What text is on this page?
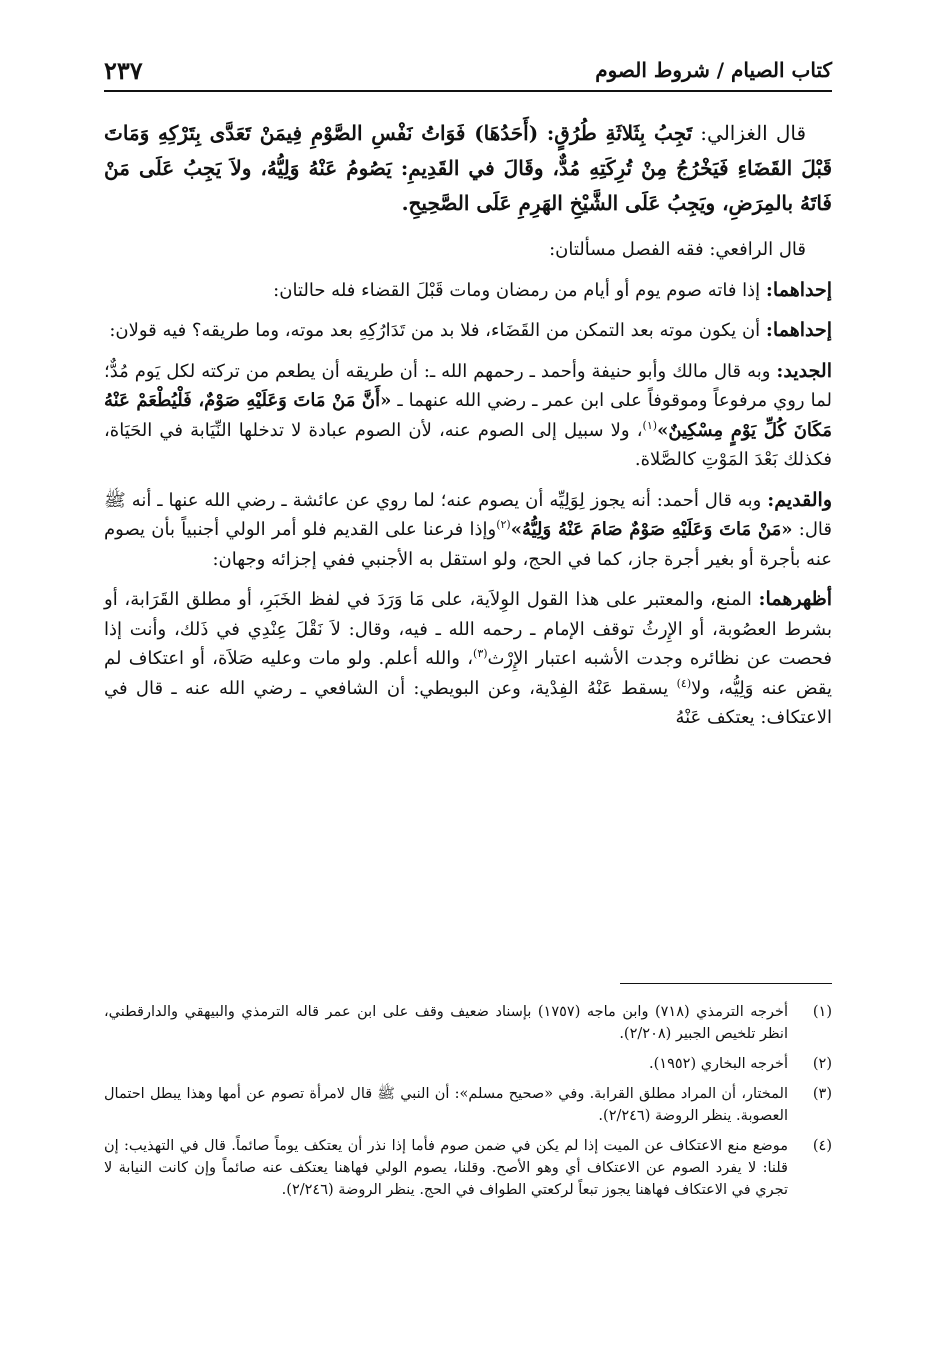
كتاب الصيام / شروط الصوم
٢٣٧

قال الغزالي: تَجِبُ بِثَلاثَةِ طُرُقٍ: (أَحَدُهَا) فَوَاتُ نَفْسِ الصَّوْمِ فِيمَنْ تَعَدَّى بِتَرْكِهِ وَمَاتَ قَبْلَ القَضَاءِ فَيَخْرُجُ مِنْ تُرِكَتِهِ مُدٌّ، وقَالَ في القَدِيمِ: يَصُومُ عَنْهُ وَلِيُّهُ، ولاَ يَجِبُ عَلَى مَنْ فَاتَهُ بالمِرَضِ، ويَجِبُ عَلَى الشَّيْخِ الهَرِمِ عَلَى الصَّحِيحِ.

قال الرافعي: فقه الفصل مسألتان:

إحداهما: إذا فاته صوم يوم أو أيام من رمضان ومات قَبْلَ القضاء فله حالتان:

إحداهما: أن يكون موته بعد التمكن من القَضَاء، فلا بد من تَدَارُكِهِ بعد موته، وما طريقه؟ فيه قولان:

الجديد: وبه قال مالك وأبو حنيفة وأحمد ـ رحمهم الله ـ: أن طريقه أن يطعم من تركته لكل يَوم مُدٌّ؛ لما روي مرفوعاً وموقوفاً على ابن عمر ـ رضي الله عنهما ـ «أَنَّ مَنْ مَاتَ وَعَلَيْهِ صَوْمٌ، فَلْيُطْعَمْ عَنْهُ مَكَانَ كُلِّ يَوْمٍ مِسْكِينٌ»$^{(١)}$، ولا سبيل إلى الصوم عنه، لأن الصوم عبادة لا تدخلها النِّيَابة في الحَيَاة، فكذلك بَعْدَ المَوْتِ كالصَّلاة.

والقديم: وبه قال أحمد: أنه يجوز لِوَلِيِّه أن يصوم عنه؛ لما روي عن عائشة ـ رضي الله عنها ـ أنه ﷺ قال: «مَنْ مَاتَ وَعَلَيْهِ صَوْمٌ صَامَ عَنْهُ وَلِيُّهُ»$^{(٢)}$وإذا فرعنا على القديم فلو أمر الولي أجنبياً بأن يصوم عنه بأجرة أو بغير أجرة جاز، كما في الحج، ولو استقل به الأجنبي ففي إجزائه وجهان:

أظهرهما: المنع، والمعتبر على هذا القول الوِلاَية، على مَا وَرَدَ في لفظ الخَبَرِ، أو مطلق القَرَابة، أو بشرط العصُوبة، أو الإِرثُ توقف الإمام ـ رحمه الله ـ فيه، وقال: لاَ نَقْلَ عِنْدِي في ذَلك، وأنت إذا فحصت عن نظائره وجدت الأشبه اعتبار الإِرْث$^{(٣)}$، والله أعلم. ولو مات وعليه صَلاَة، أو اعتكاف لم يقض عنه وَلِيُّه، ولا$^{(٤)}$ يسقط عَنْهُ الفِدْية، وعن البويطي: أن الشافعي ـ رضي الله عنه ـ قال في الاعتكاف: يعتكف عَنْهُ

(١)
أخرجه الترمذي (٧١٨) وابن ماجه (١٧٥٧) بإسناد ضعيف وقف على ابن عمر قاله الترمذي والبيهقي والدارقطني، انظر تلخيص الجبير (٢/٢٠٨).
(٢)
أخرجه البخاري (١٩٥٢).
(٣)
المختار، أن المراد مطلق القرابة. وفي «صحيح مسلم»: أن النبي ﷺ قال لامرأة تصوم عن أمها وهذا يبطل احتمال العصوبة. ينظر الروضة (٢/٢٤٦).
(٤)
موضع منع الاعتكاف عن الميت إذا لم يكن في ضمن صوم فأما إذا نذر أن يعتكف يوماً صائماً. قال في التهذيب: إن قلنا: لا يفرد الصوم عن الاعتكاف أي وهو الأصح. وقلنا، يصوم الولي فهاهنا يعتكف عنه صائماً وإن كانت النيابة لا تجري في الاعتكاف فهاهنا يجوز تبعاً لركعتي الطواف في الحج. ينظر الروضة (٢/٢٤٦).
